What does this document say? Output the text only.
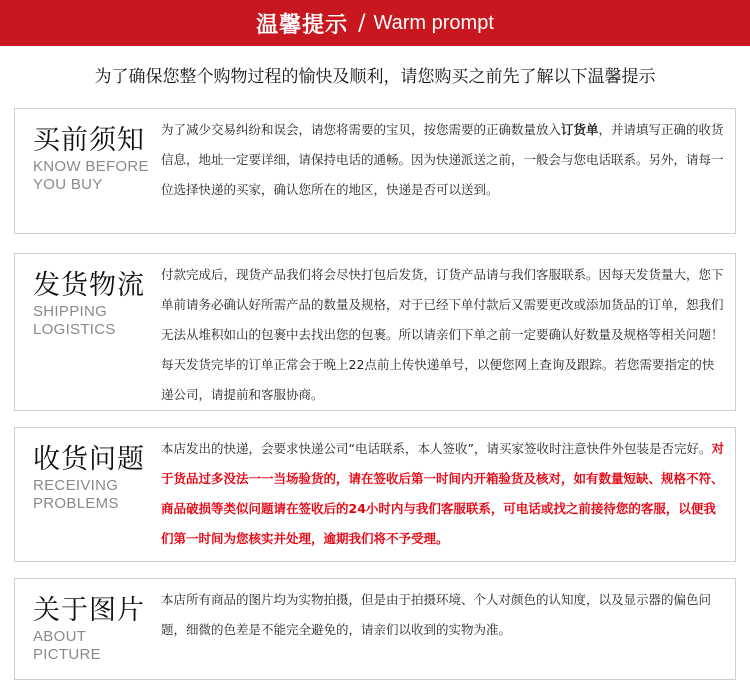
温馨提示 / Warm prompt
为了确保您整个购物过程的愉快及顺利，请您购买之前先了解以下温馨提示
买前须知
KNOW BEFORE
YOU BUY
为了减少交易纠纷和误会，请您将需要的宝贝，按您需要的正确数量放入订货单，并请填写正确的收货信息，地址一定要详细，请保持电话的通畅。因为快递派送之前，一般会与您电话联系。另外，请每一位选择快递的买家，确认您所在的地区，快递是否可以送到。
发货物流
SHIPPING
LOGISTICS
付款完成后，现货产品我们将会尽快打包后发货，订货产品请与我们客服联系。因每天发货量大，您下单前请务必确认好所需产品的数量及规格，对于已经下单付款后又需要更改或添加货品的订单，恕我们无法从堆积如山的包裹中去找出您的包裹。所以请亲们下单之前一定要确认好数量及规格等相关问题！每天发货完毕的订单正常会于晚上22点前上传快递单号，以便您网上查询及跟踪。若您需要指定的快递公司，请提前和客服协商。
收货问题
RECEIVING
PROBLEMS
本店发出的快递，会要求快递公司“电话联系，本人签收”，请买家签收时注意快件外包装是否完好。对于货品过多没法一一当场验货的，请在签收后第一时间内开箱验货及核对，如有数量短缺、规格不符、商品破损等类似问题请在签收后的24小时内与我们客服联系，可电话或找之前接待您的客服，以便我们第一时间为您核实并处理，逾期我们将不予受理。
关于图片
ABOUT
PICTURE
本店所有商品的图片均为实物拍摄，但是由于拍摄环境、个人对颜色的认知度，以及显示器的偏色问题，细微的色差是不能完全避免的，请亲们以收到的实物为准。
